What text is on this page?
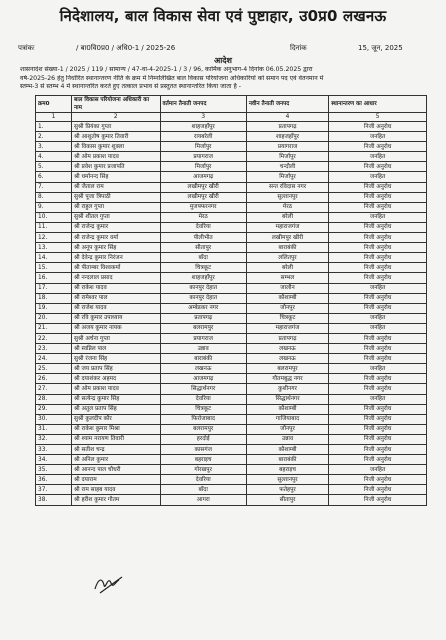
निदेशालय, बाल विकास सेवा एवं पुष्टाहार, उ0प्र0 लखनऊ
पत्रांकः	/ बा0वि0प्र0 / अधि0-1 / 2025-26	दिनांक	15, जून, 2025
आदेश
शासनादेश संख्या-1 / 2025 / 119 / सामान्य / 47-वा-4-2025-1 / 3 / 96, कार्मिक अनुभाग-4 दिनांक 06.05.2025 द्वारा
वर्ष-2025-26 हेतु निर्धारित स्थानान्तरण नीति के क्रम में निम्नलिखित बाल विकास परियोजना अधिकारियों को समान पद एवं वेतनमान में
स्तम्भ-3 से स्तम्भ 4 में स्थानान्तरित करते हुए तत्काल प्रभाव से प्रस्तुतत स्थानान्तरित किया जाता है -
क्रम0	बाल विकास परियोजना अधिकारी का नाम	वर्तमान तैनाती जनपद	नवीन तैनाती जनपद	स्थानान्तरण का आधार
1	2	3	4	5
1.	सुश्री प्रियंका गुप्ता	शाहजहाँपुर	प्रतापगढ़	निजी अनुरोध
2.	श्री आशुतोष कुमार तिवारी	रायबरेली	शाहजहाँपुर	जनहित
3.	श्री विकास कुमार शुक्ला	मिर्जापुर	प्रयागराज	निजी अनुरोध
4.	श्री ओम प्रकाश यादव	प्रयागराज	मिर्जापुर	जनहित
5.	श्री प्रवेश कुमार प्रजापति	मिर्जापुर	चन्दौली	निजी अनुरोध
6.	श्री धर्मानन्द सिंह	आजमगढ़	मिर्जापुर	जनहित
7.	श्री जैताल राम	लखीमपुर खीरी	सन्त रविदास नगर	निजी अनुरोध
8.	सुश्री पूजा त्रिपाठी	लखीमपुर खीरी	सुल्तानपुर	निजी अनुरोध
9.	श्री राहुल गुप्ता	मुजफ्फरनगर	मेरठ	निजी अनुरोध
10.	सुश्री शीतल गुप्ता	मेरठ	बरेली	जनहित
11.	श्री राजेन्द्र कुमार	देवरिया	महाराजगंज	निजी अनुरोध
12.	श्री राजेन्द्र कुमार वर्मा	पीलीभीत	लखीमपुर खीरी	निजी अनुरोध
13.	श्री अनूप कुमार सिंह	सीतापुर	बाराबंकी	निजी अनुरोध
14.	श्री देवेन्द्र कुमार निरंजन	बाँदा	ललितपुर	निजी अनुरोध
15.	श्री पीताम्बर विश्वकर्मा	चित्रकूट	बरेली	निजी अनुरोध
16.	श्री नन्दलाल प्रसाद	शाहजहाँपुर	सम्भल	निजी अनुरोध
17.	श्री राकेश यादव	कानपुर देहात	जालौन	जनहित
18.	श्री रामेश्वर पाल	कानपुर देहात	कौशाम्बी	निजी अनुरोध
19.	श्री राजेश यादव	अम्बेडकर नगर	जौनपुर	निजी अनुरोध
20.	श्री रवि कुमार उपाध्याय	प्रतापगढ़	चित्रकूट	जनहित
21.	श्री अजय कुमार नायक	बलरामपुर	महाराजगंज	जनहित
22.	सुश्री अर्चना गुप्ता	प्रयागराज	प्रतापगढ़	निजी अनुरोध
23.	श्री स्वप्निल पाल	उन्नाव	लखनऊ	निजी अनुरोध
24.	सुश्री रंजना सिंह	बाराबंकी	लखनऊ	निजी अनुरोध
25.	श्री जय प्रताप सिंह	लखनऊ	बलरामपुर	जनहित
26.	श्री दयाशंकर अहमद	आजमगढ़	गौतमबुद्ध नगर	निजी अनुरोध
27.	श्री ओम प्रकाश यादव	सिद्धार्थनगर	कुशीनगर	निजी अनुरोध
28.	श्री सत्येन्द्र कुमार सिंह	देवरिया	सिद्धार्थनगर	जनहित
29.	श्री अतुल प्रताप सिंह	चित्रकूट	कौशाम्बी	निजी अनुरोध
30.	सुश्री कुलदीप कौर	फिरोजाबाद	गाजियाबाद	निजी अनुरोध
31.	श्री राकेश कुमार मिश्रा	बलरामपुर	जौनपुर	निजी अनुरोध
32.	श्री श्याम नरायण तिवारी	हरदोई	उन्नाव	निजी अनुरोध
33.	श्री सतीश चन्द्र	कासगंज	कौशाम्बी	निजी अनुरोध
34.	श्री अनिल कुमार	बहराइच	बाराबंकी	निजी अनुरोध
35.	श्री आनन्द पाल चौधरी	गोरखपुर	बहराइच	जनहित
36.	श्री दयाराम	देवरिया	सुल्तानपुर	निजी अनुरोध
37.	श्री राम साहब यादव	बाँदा	फतेहपुर	निजी अनुरोध
38.	श्री हरीश कुमार गौतम	आगरा	सीतापुर	निजी अनुरोध
